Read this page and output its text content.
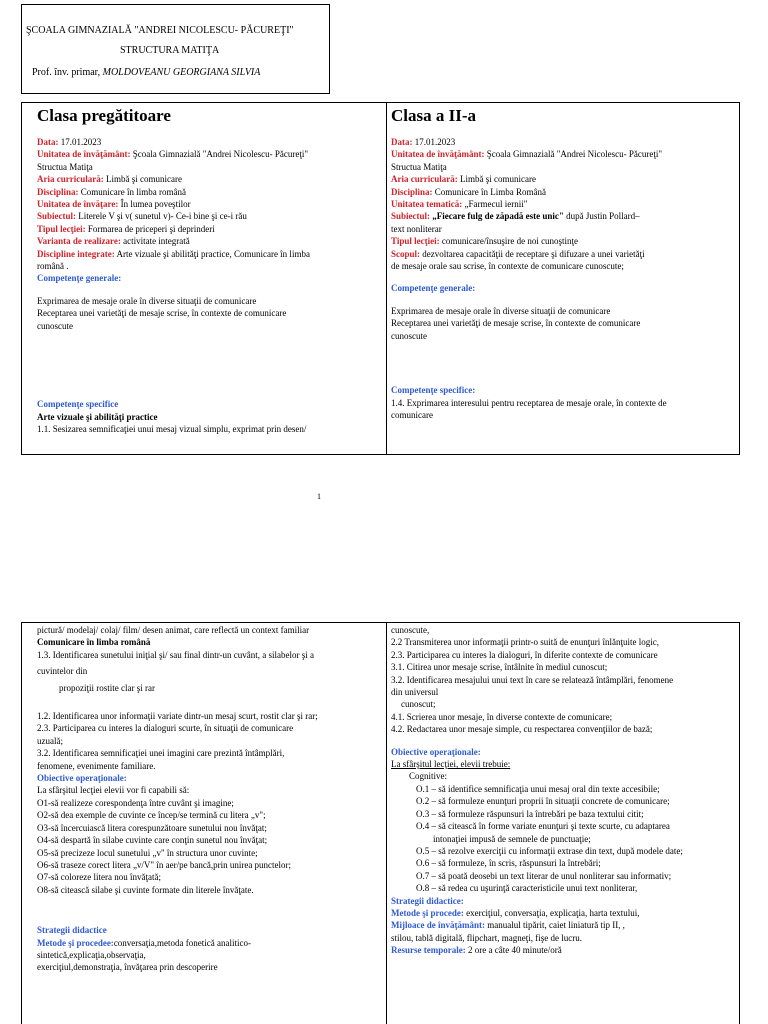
ŞCOALA GIMNAZIALĂ "ANDREI NICOLESCU- PĂCUREŢI"
STRUCTURA MATIŢA
Prof. înv. primar, MOLDOVEANU GEORGIANA SILVIA
Clasa pregătitoare
Data: 17.01.2023
Unitatea de învăţământ: Şcoala Gimnazială "Andrei Nicolescu- Păcureţi"
Structua Matiţa
Aria curriculară: Limbă şi comunicare
Disciplina: Comunicare în limba română
Unitatea de învăţare: În lumea poveştilor
Subiectul: Literele V şi v( sunetul v)- Ce-i bine şi ce-i rău
Tipul lecţiei: Formarea de priceperi şi deprinderi
Varianta de realizare: activitate integrată
Discipline integrate: Arte vizuale şi abilităţi practice, Comunicare în limba
română .
Competenţe generale:
Exprimarea de mesaje orale în diverse situaţii de comunicare
Receptarea unei varietăţi de mesaje scrise, în contexte de comunicare
cunoscute
Competenţe specifice
Arte vizuale şi abilităţi practice
1.1. Sesizarea semnificaţiei unui mesaj vizual simplu, exprimat prin desen/
Clasa a II-a
Data: 17.01.2023
Unitatea de învăţământ: Şcoala Gimnazială "Andrei Nicolescu- Păcureţi"
Structua Matiţa
Aria curriculară: Limbă şi comunicare
Disciplina: Comunicare în Limba Română
Unitatea tematică: „Farmecul iernii"
Subiectul: „Fiecare fulg de zăpadă este unic" după Justin Pollard–
text nonliterar
Tipul lecţiei: comunicare/însuşire de noi cunoştinţe
Scopul: dezvoltarea capacităţii de receptare şi difuzare a unei varietăţi
de mesaje orale sau scrise, în contexte de comunicare cunoscute;
Competenţe generale:
Exprimarea de mesaje orale în diverse situaţii de comunicare
Receptarea unei varietăţi de mesaje scrise, în contexte de comunicare
cunoscute
Competenţe specifice:
1.4. Exprimarea interesului pentru receptarea de mesaje orale, în contexte de
comunicare
1
pictură/ modelaj/ colaj/ film/ desen animat, care reflectă un context familiar
Comunicare în limba română
1.3. Identificarea sunetului iniţial şi/ sau final dintr-un cuvânt, a silabelor şi a
cuvintelor din
propoziţii rostite clar şi rar
1.2. Identificarea unor informaţii variate dintr-un mesaj scurt, rostit clar şi rar;
2.3. Participarea cu interes la dialoguri scurte, în situaţii de comunicare
uzuală;
3.2. Identificarea semnificaţiei unei imagini care prezintă întâmplări,
fenomene, evenimente familiare.
Obiective operaţionale:
La sfârşitul lecţiei elevii vor fi capabili să:
O1-să realizeze corespondenţa între cuvânt şi imagine;
O2-să dea exemple de cuvinte ce încep/se termină cu litera „v";
O3-să încercuiască litera corespunzătoare sunetului nou învăţat;
O4-să despartă în silabe cuvinte care conţin sunetul nou învăţat;
O5-să precizeze locul sunetului „v" în structura unor cuvinte;
O6-să traseze corect litera „v/V" în aer/pe bancă,prin unirea punctelor;
O7-să coloreze litera nou învăţată;
O8-să citească silabe şi cuvinte formate din literele învăţate.
Strategii didactice
Metode şi procedee:conversaţia,metoda fonetică analitico-
sintetică,explicaţia,observaţia,
exerciţiul,demonstraţia, învăţarea prin descoperire
cunoscute,
2.2 Transmiterea unor informaţii printr-o suită de enunţuri înlănţuite logic,
2.3. Participarea cu interes la dialoguri, în diferite contexte de comunicare
3.1. Citirea unor mesaje scrise, întâlnite în mediul cunoscut;
3.2. Identificarea mesajului unui text în care se relatează întâmplări, fenomene
din universul
cunoscut;
4.1. Scrierea unor mesaje, în diverse contexte de comunicare;
4.2. Redactarea unor mesaje simple, cu respectarea convenţiilor de bază;
Obiective operaţionale:
La sfârşitul lecţiei, elevii trebuie:
Cognitive:
O.1 – să identifice semnificaţia unui mesaj oral din texte accesibile;
O.2 – să formuleze enunţuri proprii în situaţii concrete de comunicare;
O.3 – să formuleze răspunsuri la întrebări pe baza textului citit;
O.4 – să citească în forme variate enunţuri şi texte scurte, cu adaptarea
intonaţiei impusă de semnele de punctuaţie;
O.5 – să rezolve exerciţii cu informaţii extrase din text, după modele date;
O.6 – să formuleze, în scris, răspunsuri la întrebări;
O.7 – să poată deosebi un text literar de unul nonliterar sau informativ;
O.8 – să redea cu uşurinţă caracteristicile unui text nonliterar,
Strategii didactice:
Metode şi procede: exerciţiul, conversaţia, explicaţia, harta textului,
Mijloace de învăţământ: manualul tipărit, caiet liniatură tip II, ,
stilou, tablă digitală, flipchart, magneţi, fişe de lucru.
Resurse temporale: 2 ore a câte 40 minute/oră
